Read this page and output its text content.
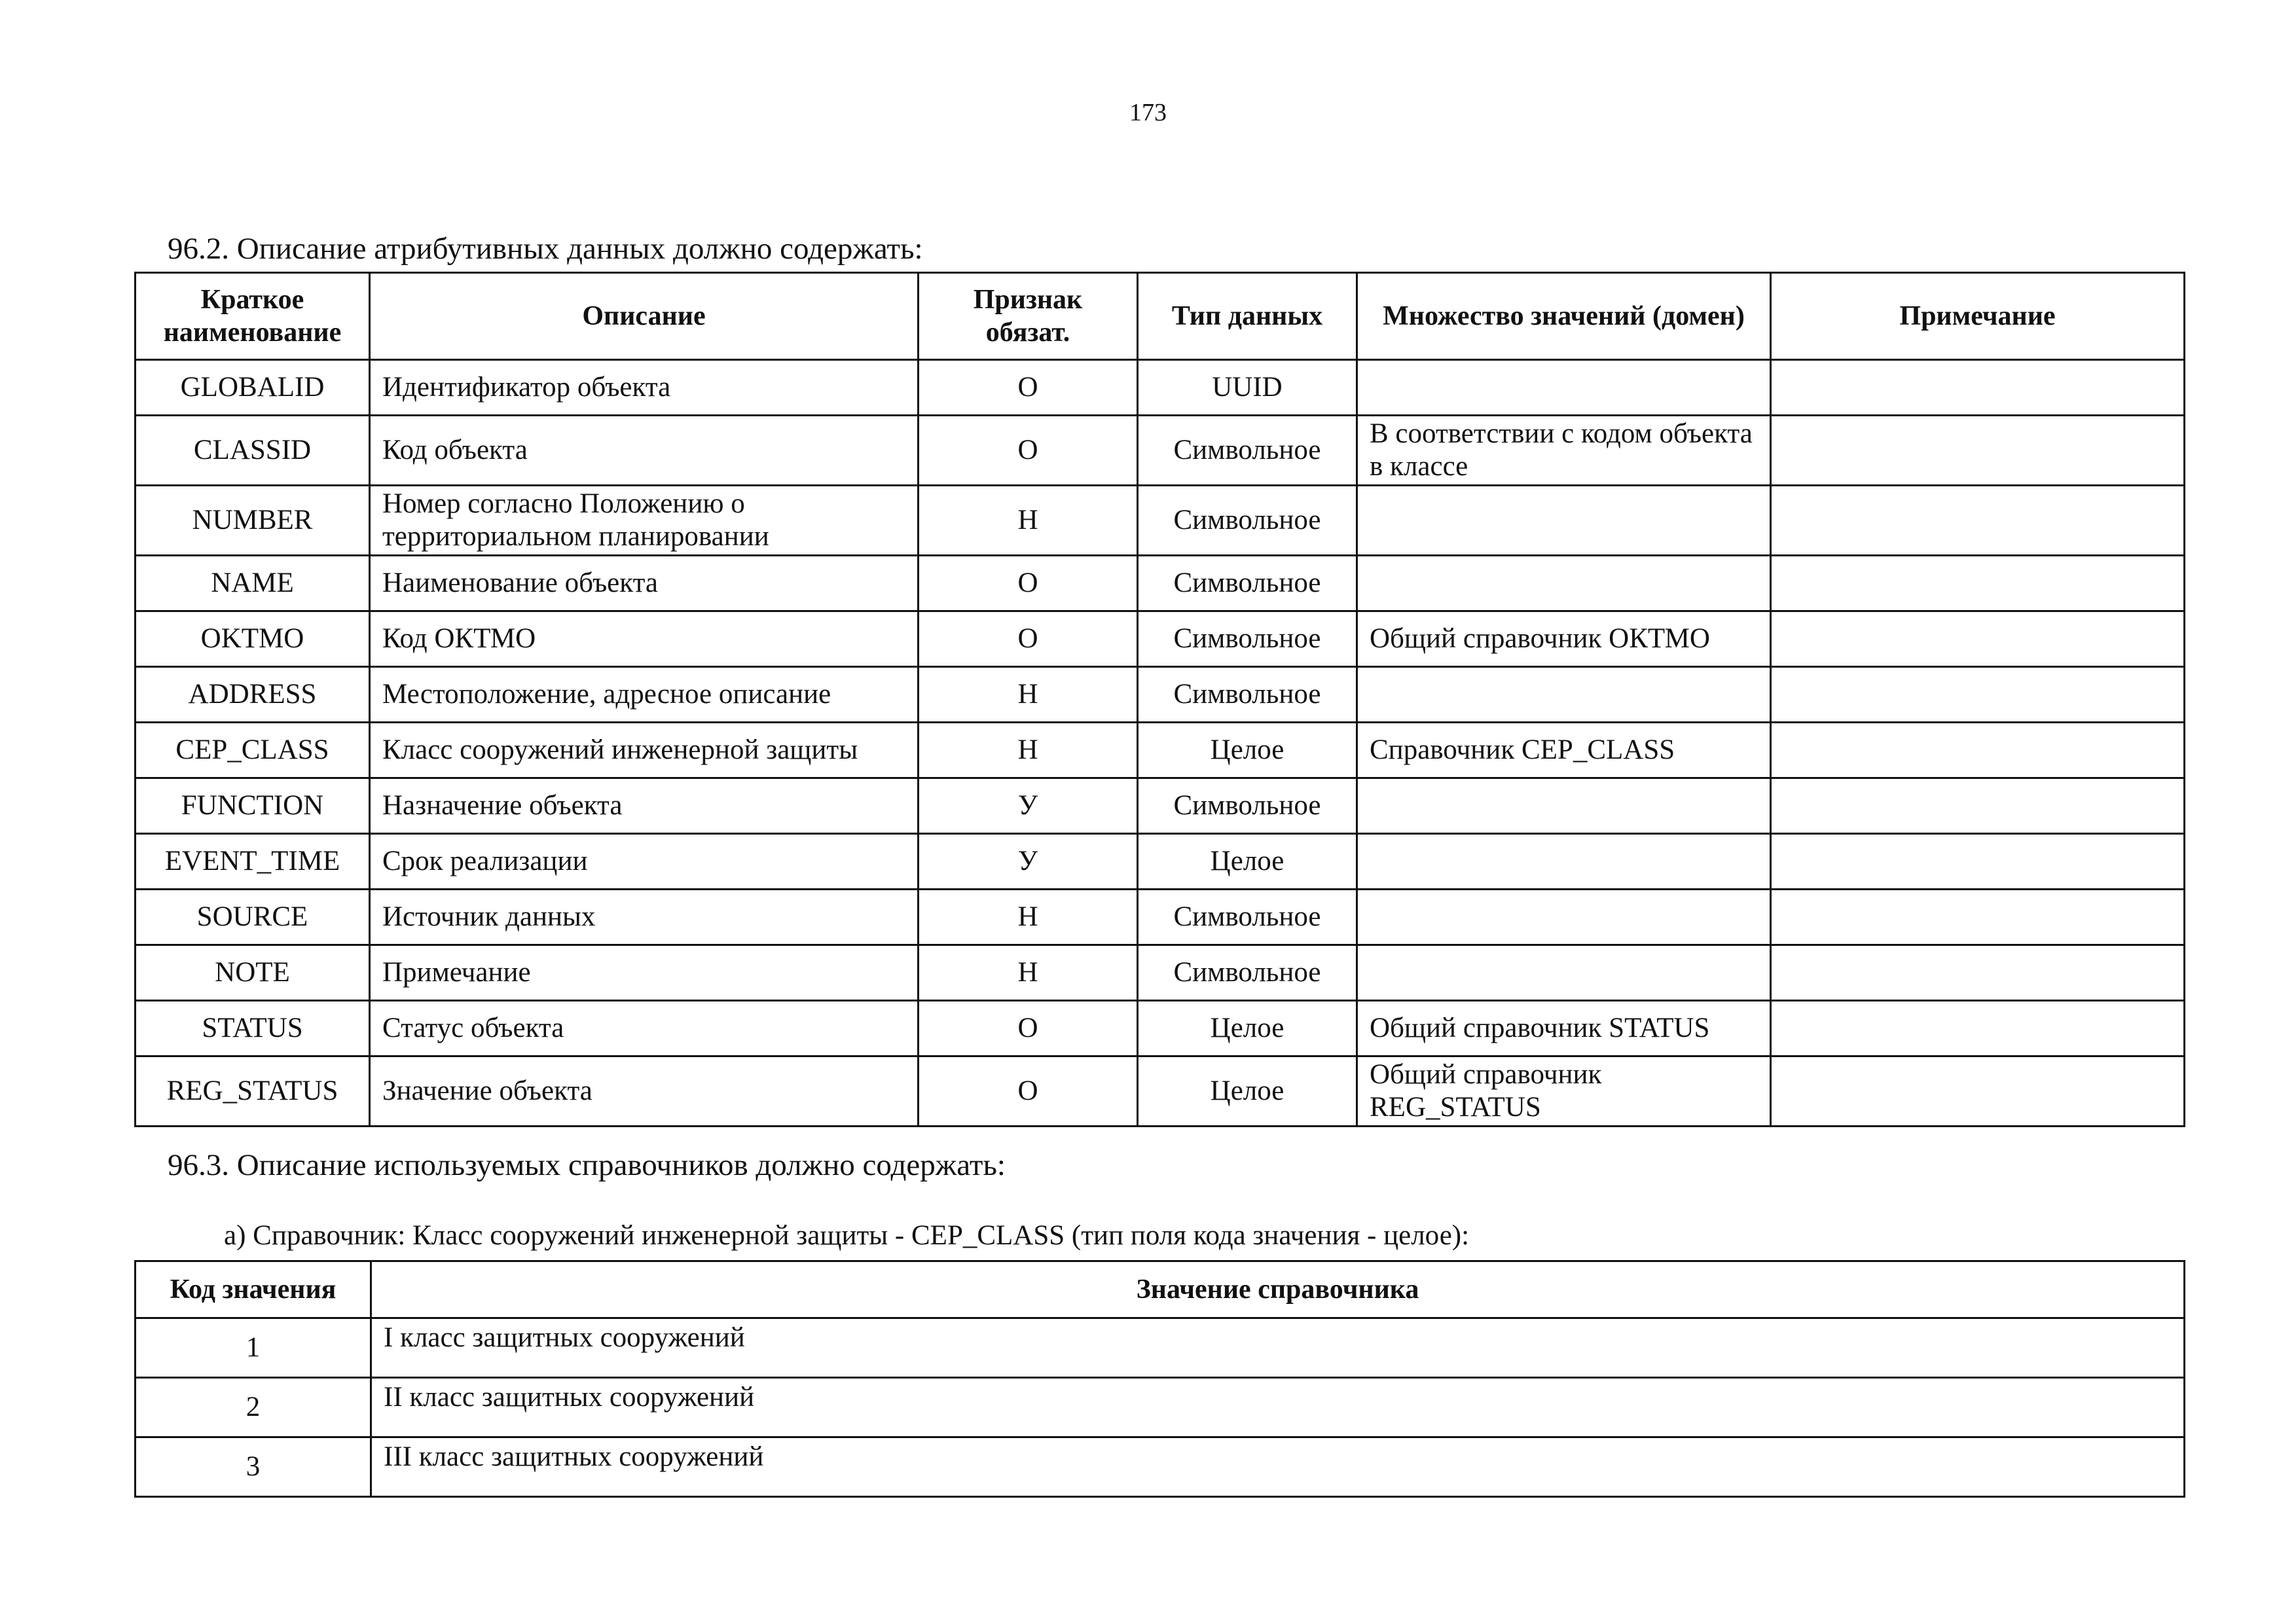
173
96.2. Описание атрибутивных данных должно содержать:
Краткое наименование	Описание	Признак обязат.	Тип данных	Множество значений (домен)	Примечание
GLOBALID	Идентификатор объекта	О	UUID		
CLASSID	Код объекта	О	Символьное	В соответствии с кодом объекта в классе	
NUMBER	Номер согласно Положению о территориальном планировании	Н	Символьное		
NAME	Наименование объекта	О	Символьное		
OKTMO	Код ОКТМО	О	Символьное	Общий справочник ОКТМО	
ADDRESS	Местоположение, адресное описание	Н	Символьное		
CEP_CLASS	Класс сооружений инженерной защиты	Н	Целое	Справочник CEP_CLASS	
FUNCTION	Назначение объекта	У	Символьное		
EVENT_TIME	Срок реализации	У	Целое		
SOURCE	Источник данных	Н	Символьное		
NOTE	Примечание	Н	Символьное		
STATUS	Статус объекта	О	Целое	Общий справочник STATUS	
REG_STATUS	Значение объекта	О	Целое	Общий справочник REG_STATUS	
96.3. Описание используемых справочников должно содержать:
а) Справочник: Класс сооружений инженерной защиты - CEP_CLASS (тип поля кода значения - целое):
Код значения	Значение справочника
1	I класс защитных сооружений
2	II класс защитных сооружений
3	III класс защитных сооружений
